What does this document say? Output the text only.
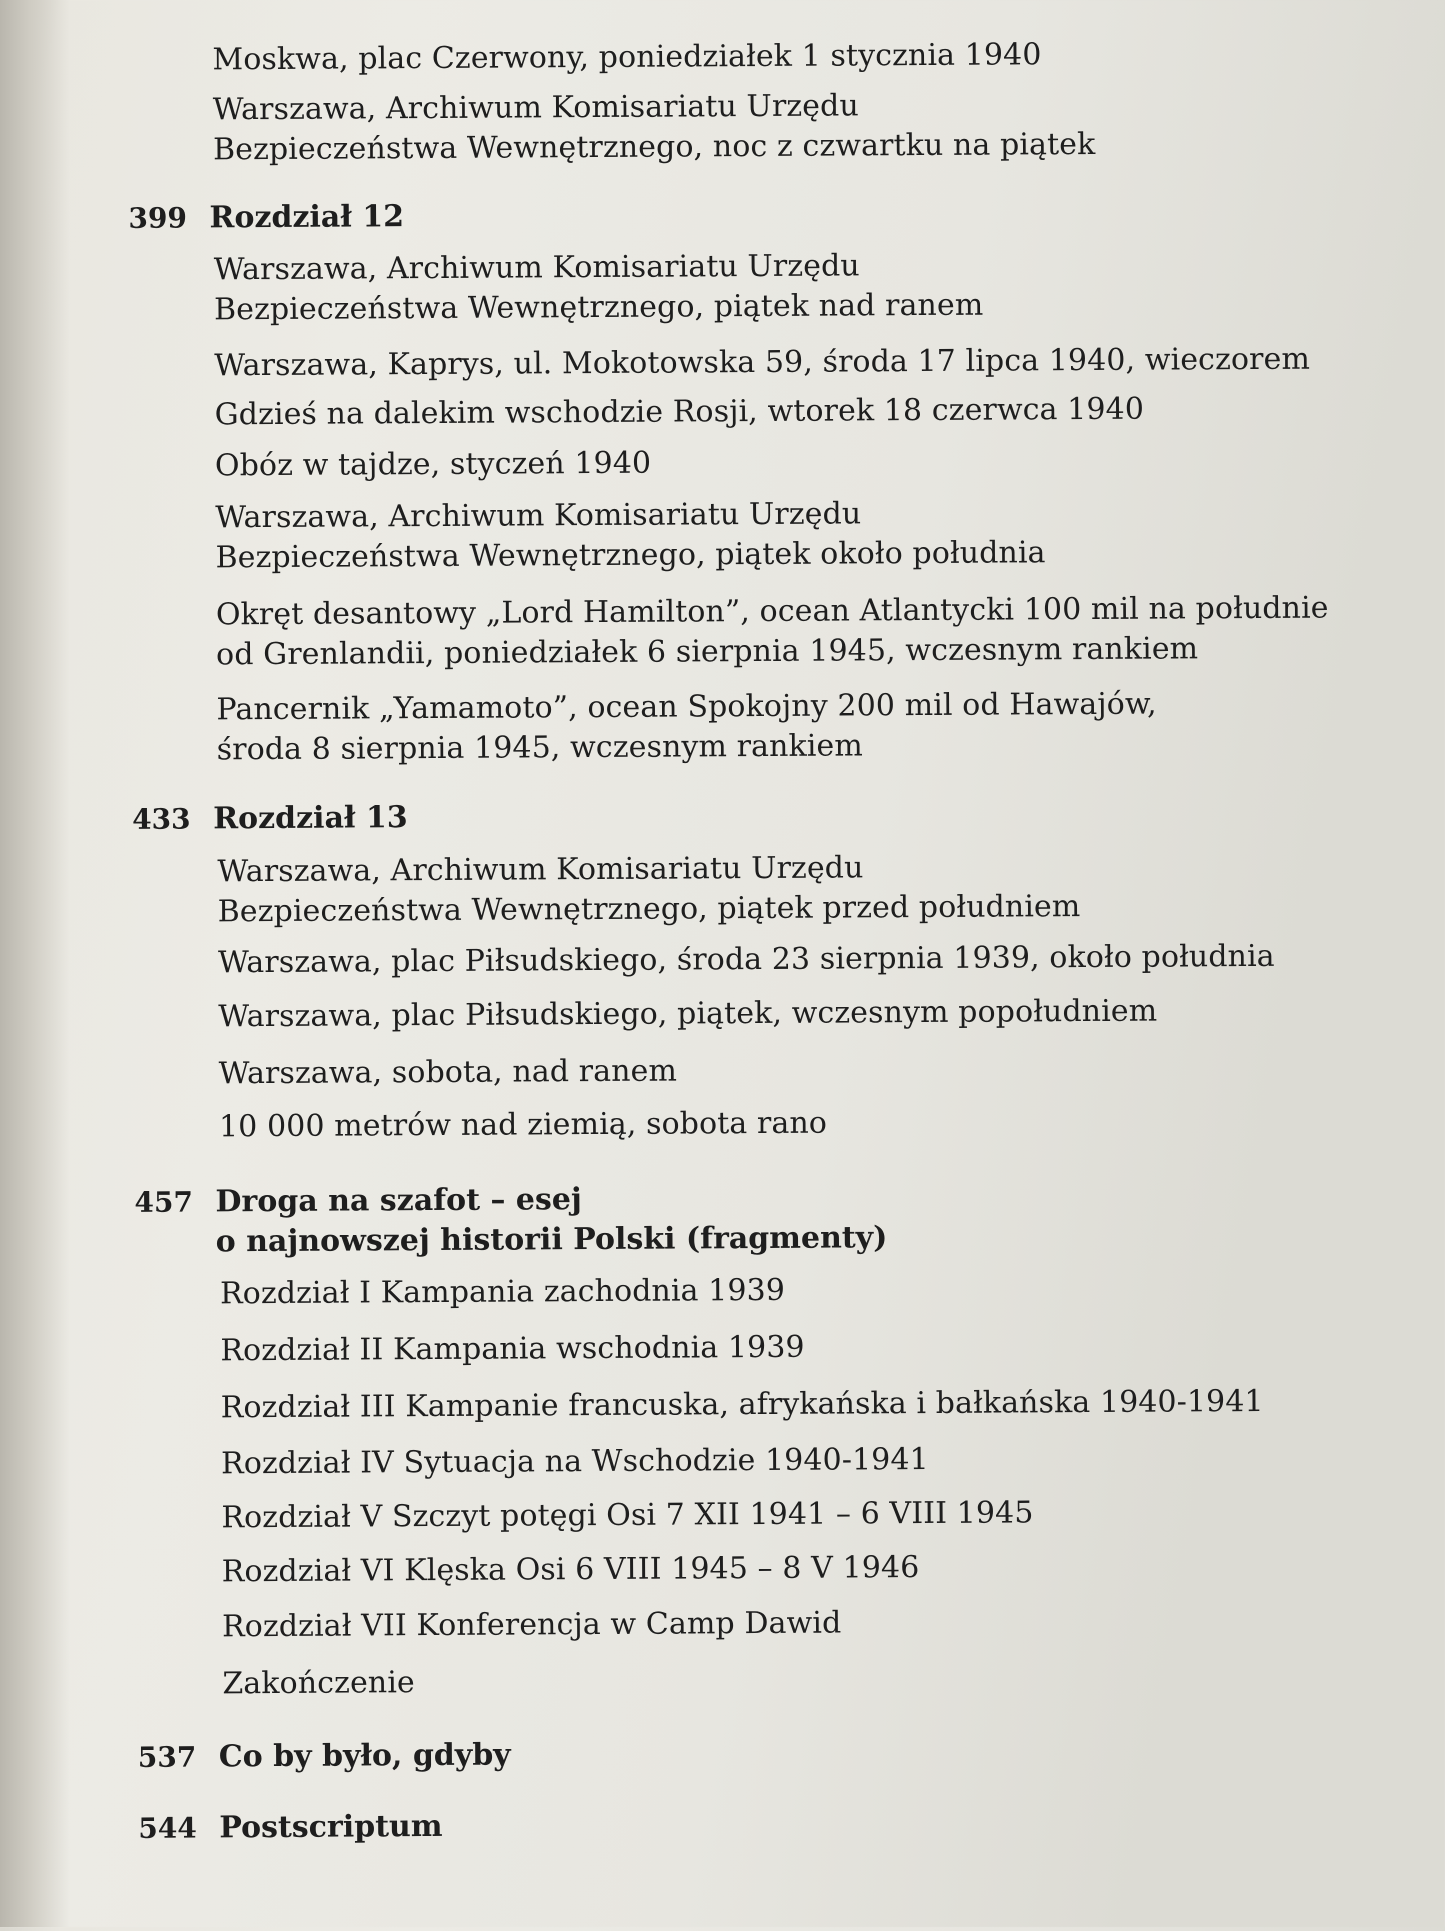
Moskwa, plac Czerwony, poniedziałek 1 stycznia 1940
Warszawa, Archiwum Komisariatu Urzędu
Bezpieczeństwa Wewnętrznego, noc z czwartku na piątek
399 Rozdział 12
Warszawa, Archiwum Komisariatu Urzędu
Bezpieczeństwa Wewnętrznego, piątek nad ranem
Warszawa, Kaprys, ul. Mokotowska 59, środa 17 lipca 1940, wieczorem
Gdzieś na dalekim wschodzie Rosji, wtorek 18 czerwca 1940
Obóz w tajdze, styczeń 1940
Warszawa, Archiwum Komisariatu Urzędu
Bezpieczeństwa Wewnętrznego, piątek około południa
Okręt desantowy „Lord Hamilton”, ocean Atlantycki 100 mil na południe
od Grenlandii, poniedziałek 6 sierpnia 1945, wczesnym rankiem
Pancernik „Yamamoto”, ocean Spokojny 200 mil od Hawajów,
środa 8 sierpnia 1945, wczesnym rankiem
433 Rozdział 13
Warszawa, Archiwum Komisariatu Urzędu
Bezpieczeństwa Wewnętrznego, piątek przed południem
Warszawa, plac Piłsudskiego, środa 23 sierpnia 1939, około południa
Warszawa, plac Piłsudskiego, piątek, wczesnym popołudniem
Warszawa, sobota, nad ranem
10 000 metrów nad ziemią, sobota rano
457 Droga na szafot – esej
o najnowszej historii Polski (fragmenty)
Rozdział I Kampania zachodnia 1939
Rozdział II Kampania wschodnia 1939
Rozdział III Kampanie francuska, afrykańska i bałkańska 1940-1941
Rozdział IV Sytuacja na Wschodzie 1940-1941
Rozdział V Szczyt potęgi Osi 7 XII 1941 – 6 VIII 1945
Rozdział VI Klęska Osi 6 VIII 1945 – 8 V 1946
Rozdział VII Konferencja w Camp Dawid
Zakończenie
537 Co by było, gdyby
544 Postscriptum
